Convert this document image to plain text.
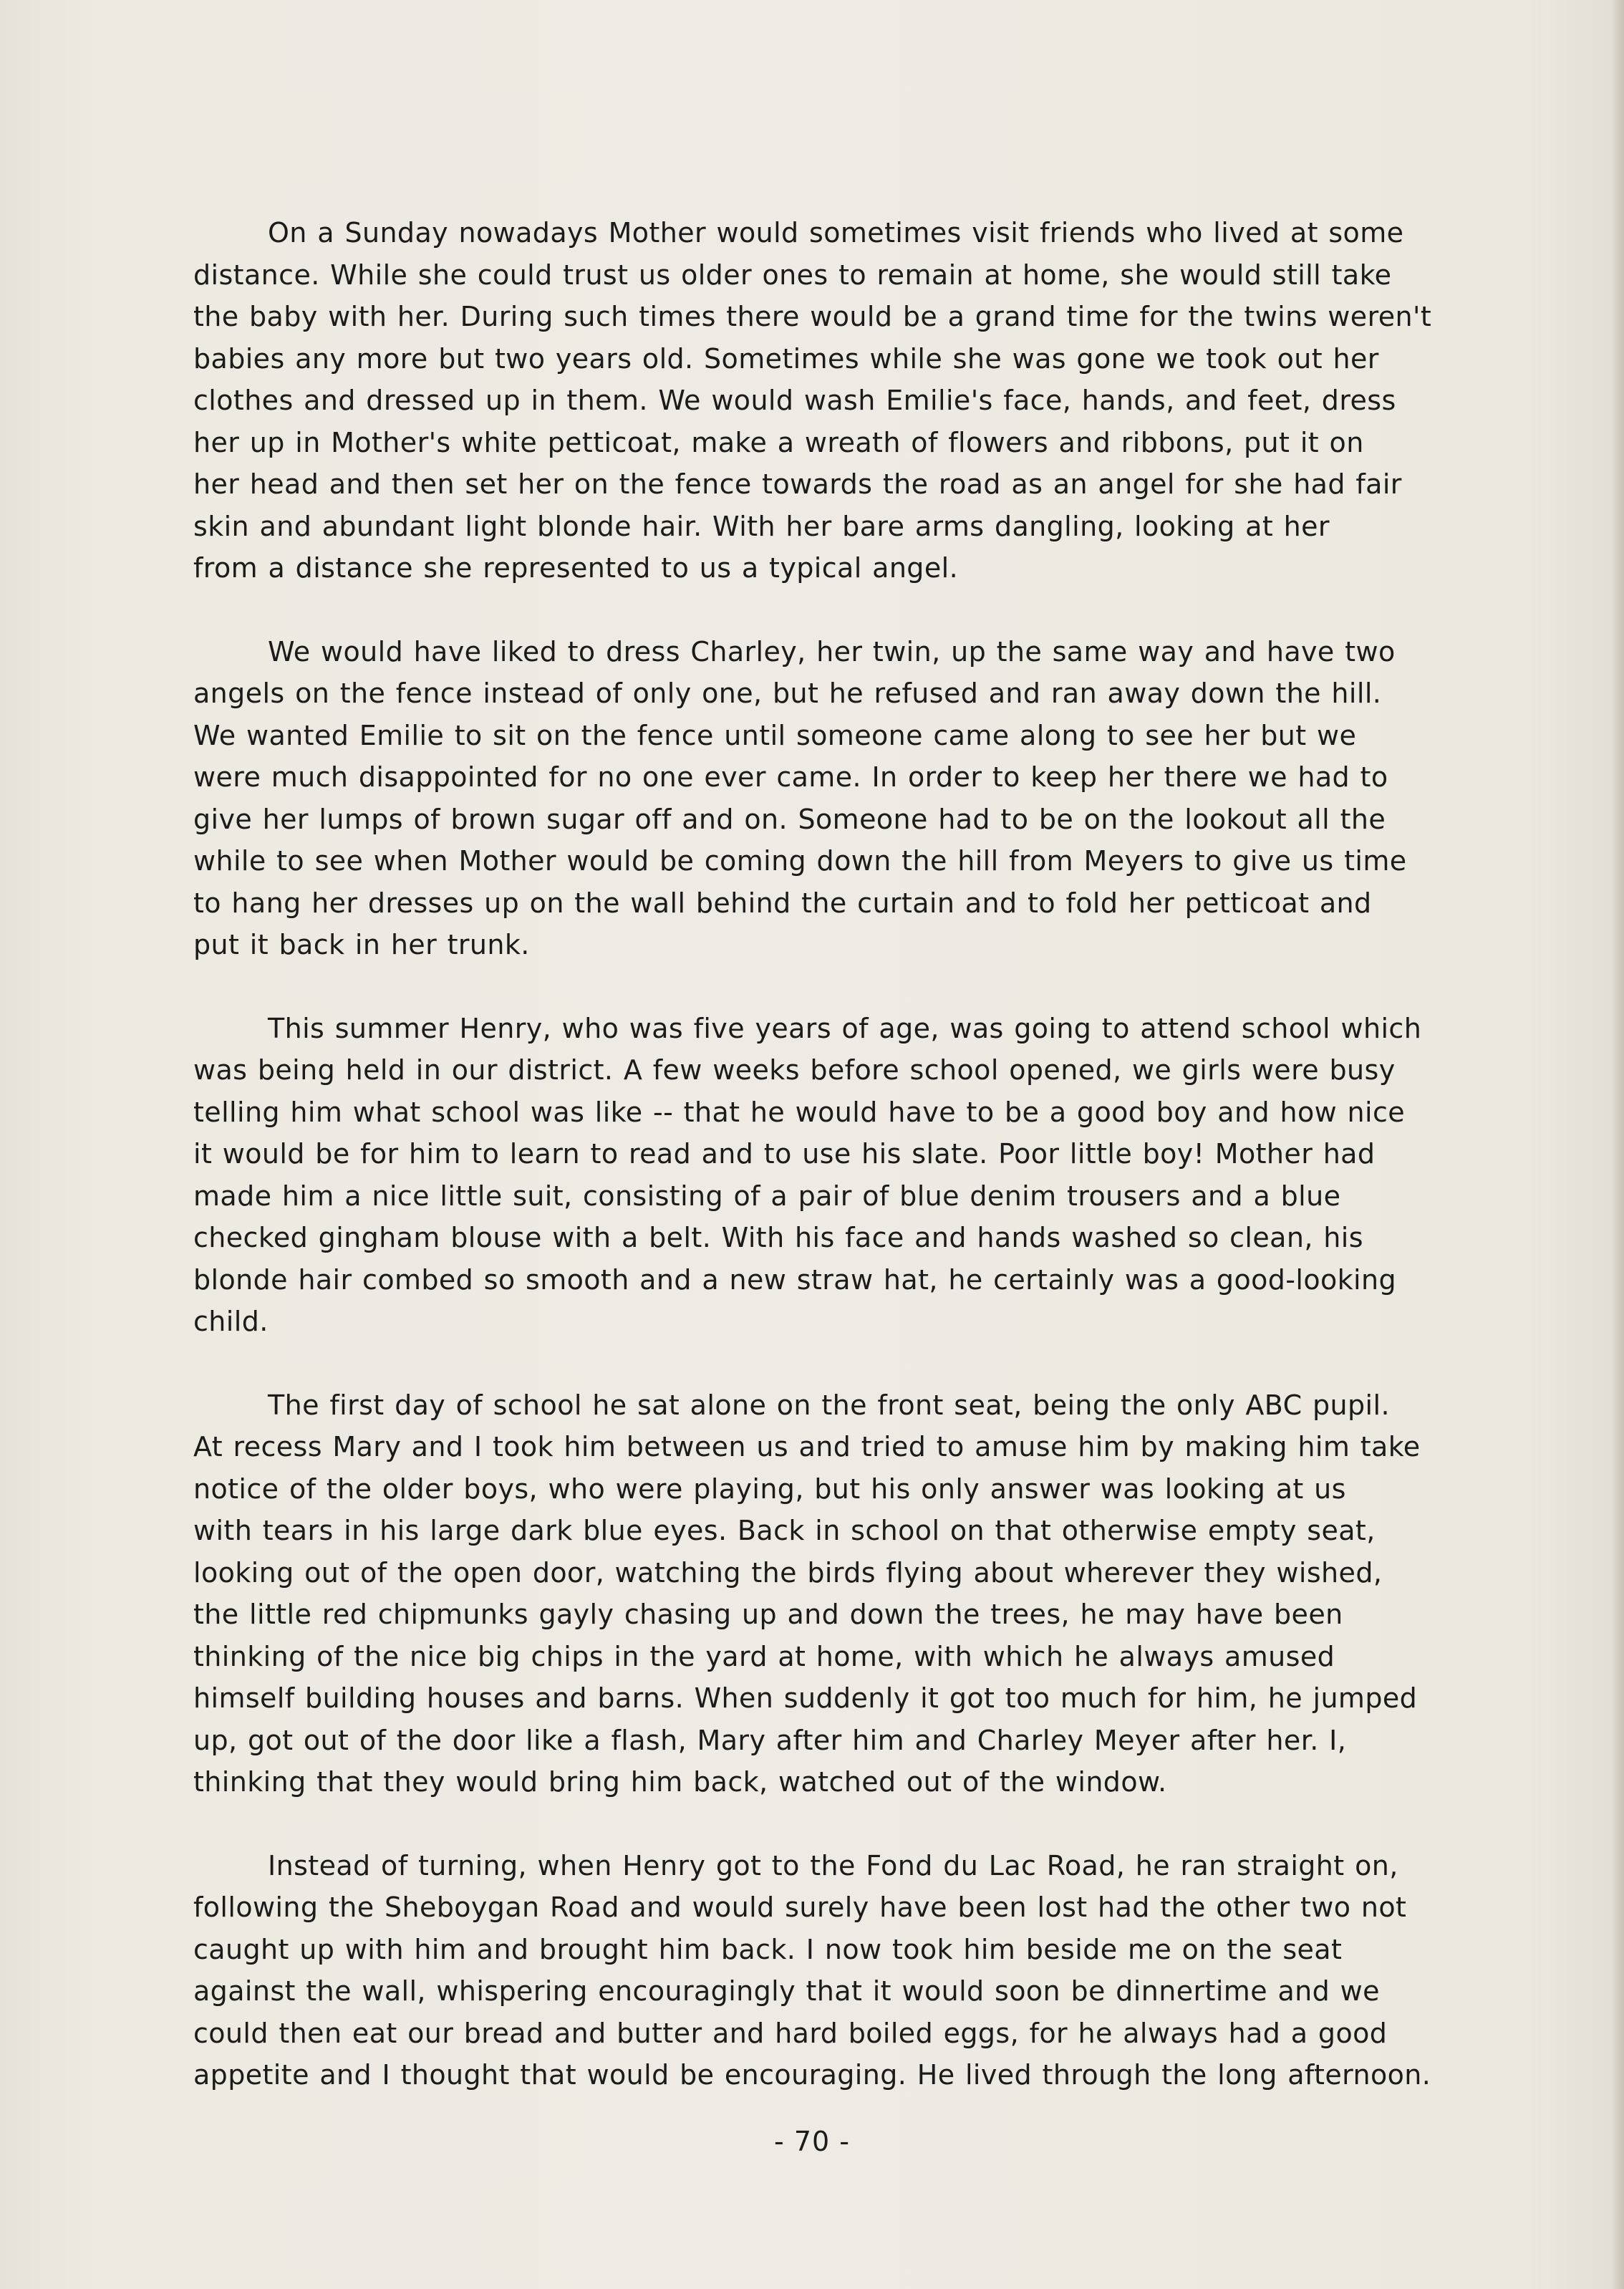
On a Sunday nowadays Mother would sometimes visit friends who lived at some
distance. While she could trust us older ones to remain at home, she would still take
the baby with her. During such times there would be a grand time for the twins weren't
babies any more but two years old. Sometimes while she was gone we took out her
clothes and dressed up in them. We would wash Emilie's face, hands, and feet, dress
her up in Mother's white petticoat, make a wreath of flowers and ribbons, put it on
her head and then set her on the fence towards the road as an angel for she had fair
skin and abundant light blonde hair. With her bare arms dangling, looking at her
from a distance she represented to us a typical angel.

We would have liked to dress Charley, her twin, up the same way and have two
angels on the fence instead of only one, but he refused and ran away down the hill.
We wanted Emilie to sit on the fence until someone came along to see her but we
were much disappointed for no one ever came. In order to keep her there we had to
give her lumps of brown sugar off and on. Someone had to be on the lookout all the
while to see when Mother would be coming down the hill from Meyers to give us time
to hang her dresses up on the wall behind the curtain and to fold her petticoat and
put it back in her trunk.

This summer Henry, who was five years of age, was going to attend school which
was being held in our district. A few weeks before school opened, we girls were busy
telling him what school was like -- that he would have to be a good boy and how nice
it would be for him to learn to read and to use his slate. Poor little boy! Mother had
made him a nice little suit, consisting of a pair of blue denim trousers and a blue
checked gingham blouse with a belt. With his face and hands washed so clean, his
blonde hair combed so smooth and a new straw hat, he certainly was a good-looking
child.

The first day of school he sat alone on the front seat, being the only ABC pupil.
At recess Mary and I took him between us and tried to amuse him by making him take
notice of the older boys, who were playing, but his only answer was looking at us
with tears in his large dark blue eyes. Back in school on that otherwise empty seat,
looking out of the open door, watching the birds flying about wherever they wished,
the little red chipmunks gayly chasing up and down the trees, he may have been
thinking of the nice big chips in the yard at home, with which he always amused
himself building houses and barns. When suddenly it got too much for him, he jumped
up, got out of the door like a flash, Mary after him and Charley Meyer after her. I,
thinking that they would bring him back, watched out of the window.

Instead of turning, when Henry got to the Fond du Lac Road, he ran straight on,
following the Sheboygan Road and would surely have been lost had the other two not
caught up with him and brought him back. I now took him beside me on the seat
against the wall, whispering encouragingly that it would soon be dinnertime and we
could then eat our bread and butter and hard boiled eggs, for he always had a good
appetite and I thought that would be encouraging. He lived through the long afternoon.

- 70 -
